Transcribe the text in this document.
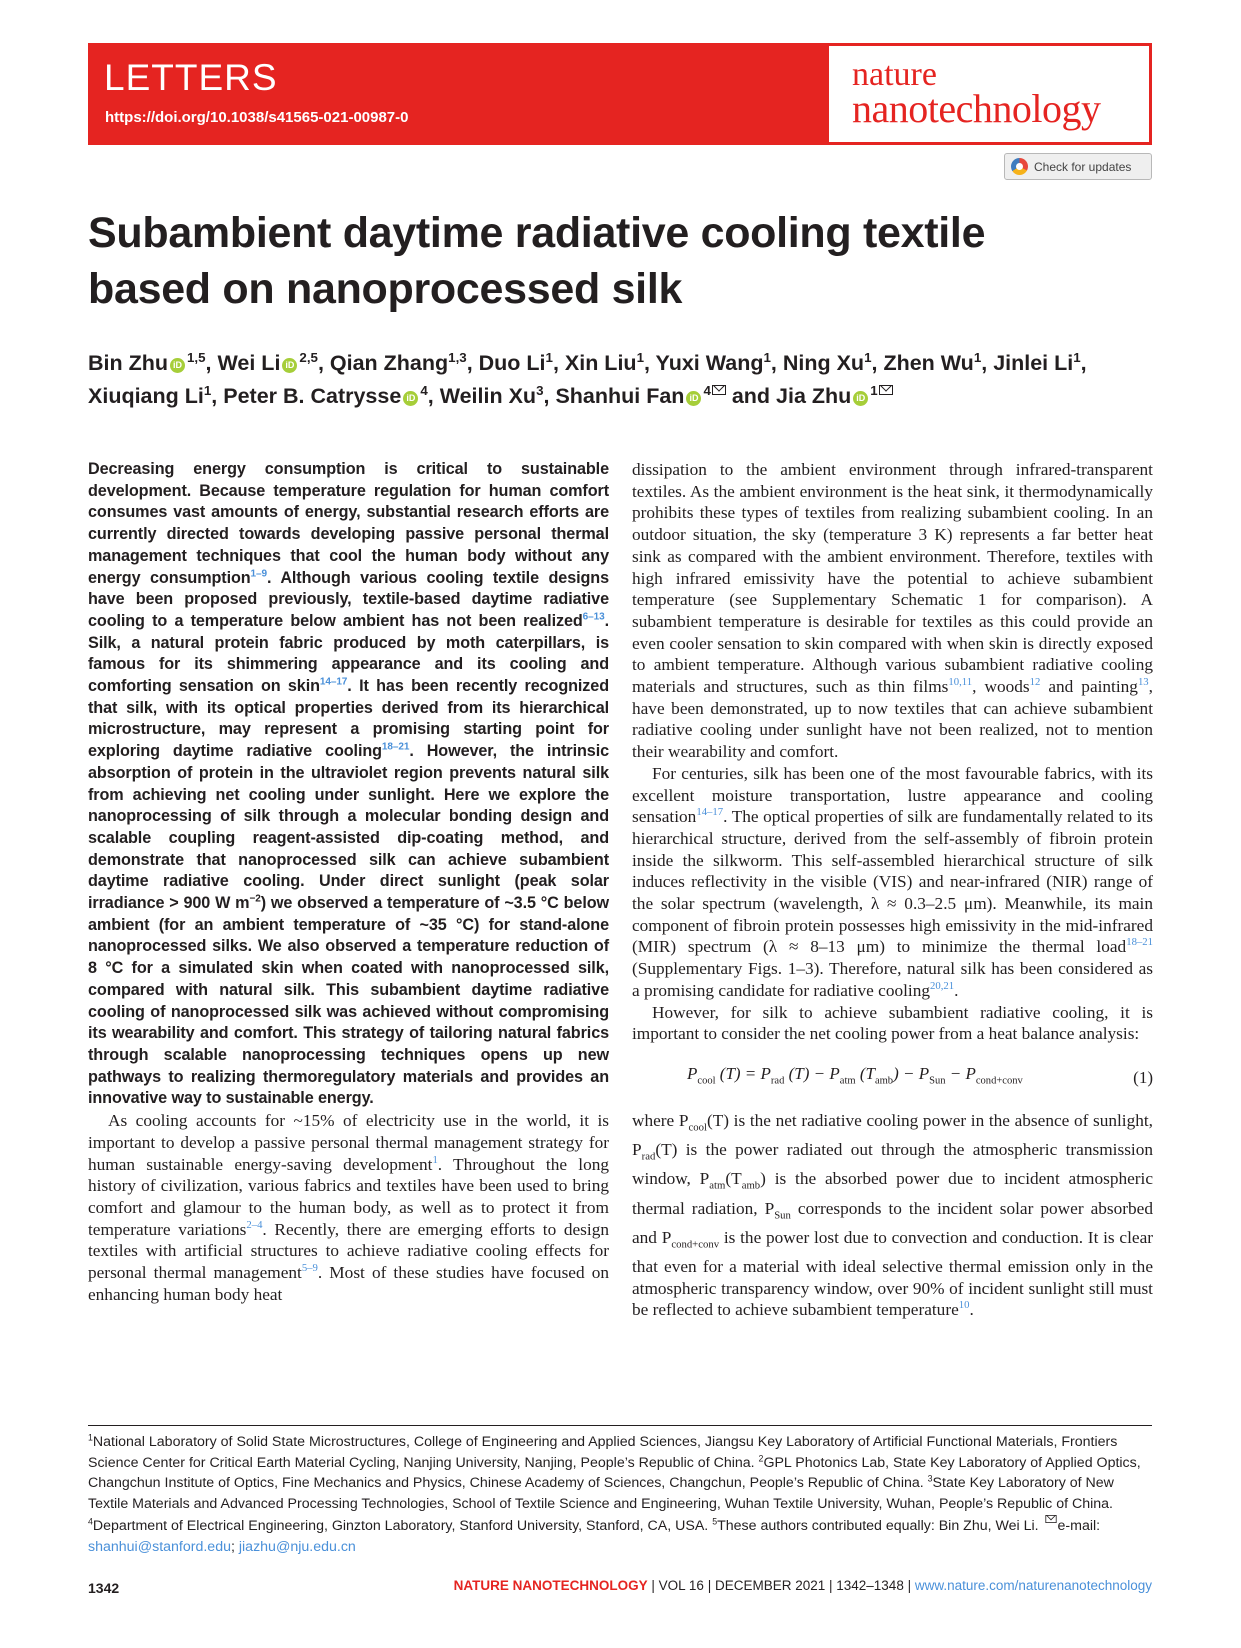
LETTERS
https://doi.org/10.1038/s41565-021-00987-0
nature
nanotechnology
Check for updates
Subambient daytime radiative cooling textile based on nanoprocessed silk
Bin Zhu iD$^{1,5}$, Wei Li iD$^{2,5}$, Qian Zhang$^{1,3}$, Duo Li$^1$, Xin Liu$^1$, Yuxi Wang$^1$, Ning Xu$^1$, Zhen Wu$^1$, Jinlei Li$^1$, Xiuqiang Li$^1$, Peter B. Catrysse $iD^4$, Weilin Xu$^3$, Shanhui Fan $iD^4$ and Jia Zhu $iD^1$

Decreasing energy consumption is critical to sustainable development. Because temperature regulation for human comfort consumes vast amounts of energy, substantial research efforts are currently directed towards developing passive personal thermal management techniques that cool the human body without any energy consumption$^{1-9}$. Although various cooling textile designs have been proposed previously, textile-based daytime radiative cooling to a temperature below ambient has not been realized$^{6-13}$. Silk, a natural protein fabric produced by moth caterpillars, is famous for its shimmering appearance and its cooling and comforting sensation on skin$^{14-17}$. It has been recently recognized that silk, with its optical properties derived from its hierarchical microstructure, may represent a promising starting point for exploring daytime radiative cooling$^{18-21}$. However, the intrinsic absorption of protein in the ultraviolet region prevents natural silk from achieving net cooling under sunlight. Here we explore the nanoprocessing of silk through a molecular bonding design and scalable coupling reagent-assisted dip-coating method, and demonstrate that nanoprocessed silk can achieve subambient daytime radiative cooling. Under direct sunlight (peak solar irradiance > 900 W $m^{-2}$) we observed a temperature of ~3.5 °C below ambient (for an ambient temperature of ~35 °C) for stand-alone nanoprocessed silks. We also observed a temperature reduction of 8 °C for a simulated skin when coated with nanoprocessed silk, compared with natural silk. This subambient daytime radiative cooling of nanoprocessed silk was achieved without compromising its wearability and comfort. This strategy of tailoring natural fabrics through scalable nanoprocessing techniques opens up new pathways to realizing thermoregulatory materials and provides an innovative way to sustainable energy.

As cooling accounts for ~15% of electricity use in the world, it is important to develop a passive personal thermal management strategy for human sustainable energy-saving development$^1$. Throughout the long history of civilization, various fabrics and textiles have been used to bring comfort and glamour to the human body, as well as to protect it from temperature variations$^{2-4}$. Recently, there are emerging efforts to design textiles with artificial structures to achieve radiative cooling effects for personal thermal management$^{5-9}$. Most of these studies have focused on enhancing human body heat

dissipation to the ambient environment through infrared-transparent textiles. As the ambient environment is the heat sink, it thermodynamically prohibits these types of textiles from realizing subambient cooling. In an outdoor situation, the sky (temperature 3 K) represents a far better heat sink as compared with the ambient environment. Therefore, textiles with high infrared emissivity have the potential to achieve subambient temperature (see Supplementary Schematic 1 for comparison). A subambient temperature is desirable for textiles as this could provide an even cooler sensation to skin compared with when skin is directly exposed to ambient temperature. Although various subambient radiative cooling materials and structures, such as thin films$^{10,11}$, woods$^{12}$ and painting$^{13}$, have been demonstrated, up to now textiles that can achieve subambient radiative cooling under sunlight have not been realized, not to mention their wearability and comfort.

For centuries, silk has been one of the most favourable fabrics, with its excellent moisture transportation, lustre appearance and cooling sensation$^{14-17}$. The optical properties of silk are fundamentally related to its hierarchical structure, derived from the self-assembly of fibroin protein inside the silkworm. This self-assembled hierarchical structure of silk induces reflectivity in the visible (VIS) and near-infrared (NIR) range of the solar spectrum (wavelength, λ ≈ 0.3–2.5 μm). Meanwhile, its main component of fibroin protein possesses high emissivity in the mid-infrared (MIR) spectrum (λ ≈ 8–13 μm) to minimize the thermal load$^{18-21}$ (Supplementary Figs. 1–3). Therefore, natural silk has been considered as a promising candidate for radiative cooling$^{20,21}$.

However, for silk to achieve subambient radiative cooling, it is important to consider the net cooling power from a heat balance analysis:

$P_{cool}$ $(T) = P_{rad}$ $(T) - P_{atm}$ $(T_{amb}) - P_{Sun} - P_{cond+conv}$	(1)

where $P_{cool}(T)$ is the net radiative cooling power in the absence of sunlight, $P_{rad}(T)$ is the power radiated out through the atmospheric transmission window, $P_{atm}(T_{amb})$ is the absorbed power due to incident atmospheric thermal radiation, $P_{Sun}$ corresponds to the incident solar power absorbed and $P_{cond+conv}$ is the power lost due to convection and conduction. It is clear that even for a material with ideal selective thermal emission only in the atmospheric transparency window, over 90% of incident sunlight still must be reflected to achieve subambient temperature$^{10}$.

$^1$National Laboratory of Solid State Microstructures, College of Engineering and Applied Sciences, Jiangsu Key Laboratory of Artificial Functional Materials, Frontiers Science Center for Critical Earth Material Cycling, Nanjing University, Nanjing, People’s Republic of China. $^2$GPL Photonics Lab, State Key Laboratory of Applied Optics, Changchun Institute of Optics, Fine Mechanics and Physics, Chinese Academy of Sciences, Changchun, People’s Republic of China. $^3$State Key Laboratory of New Textile Materials and Advanced Processing Technologies, School of Textile Science and Engineering, Wuhan Textile University, Wuhan, People’s Republic of China. $^4$Department of Electrical Engineering, Ginzton Laboratory, Stanford University, Stanford, CA, USA. $^5$These authors contributed equally: Bin Zhu, Wei Li. e-mail: shanhui@stanford.edu; jiazhu@nju.edu.cn
1342	NATURE NANOTECHNOLOGY | VOL 16 | DECEMBER 2021 | 1342–1348 | www.nature.com/naturenanotechnology
